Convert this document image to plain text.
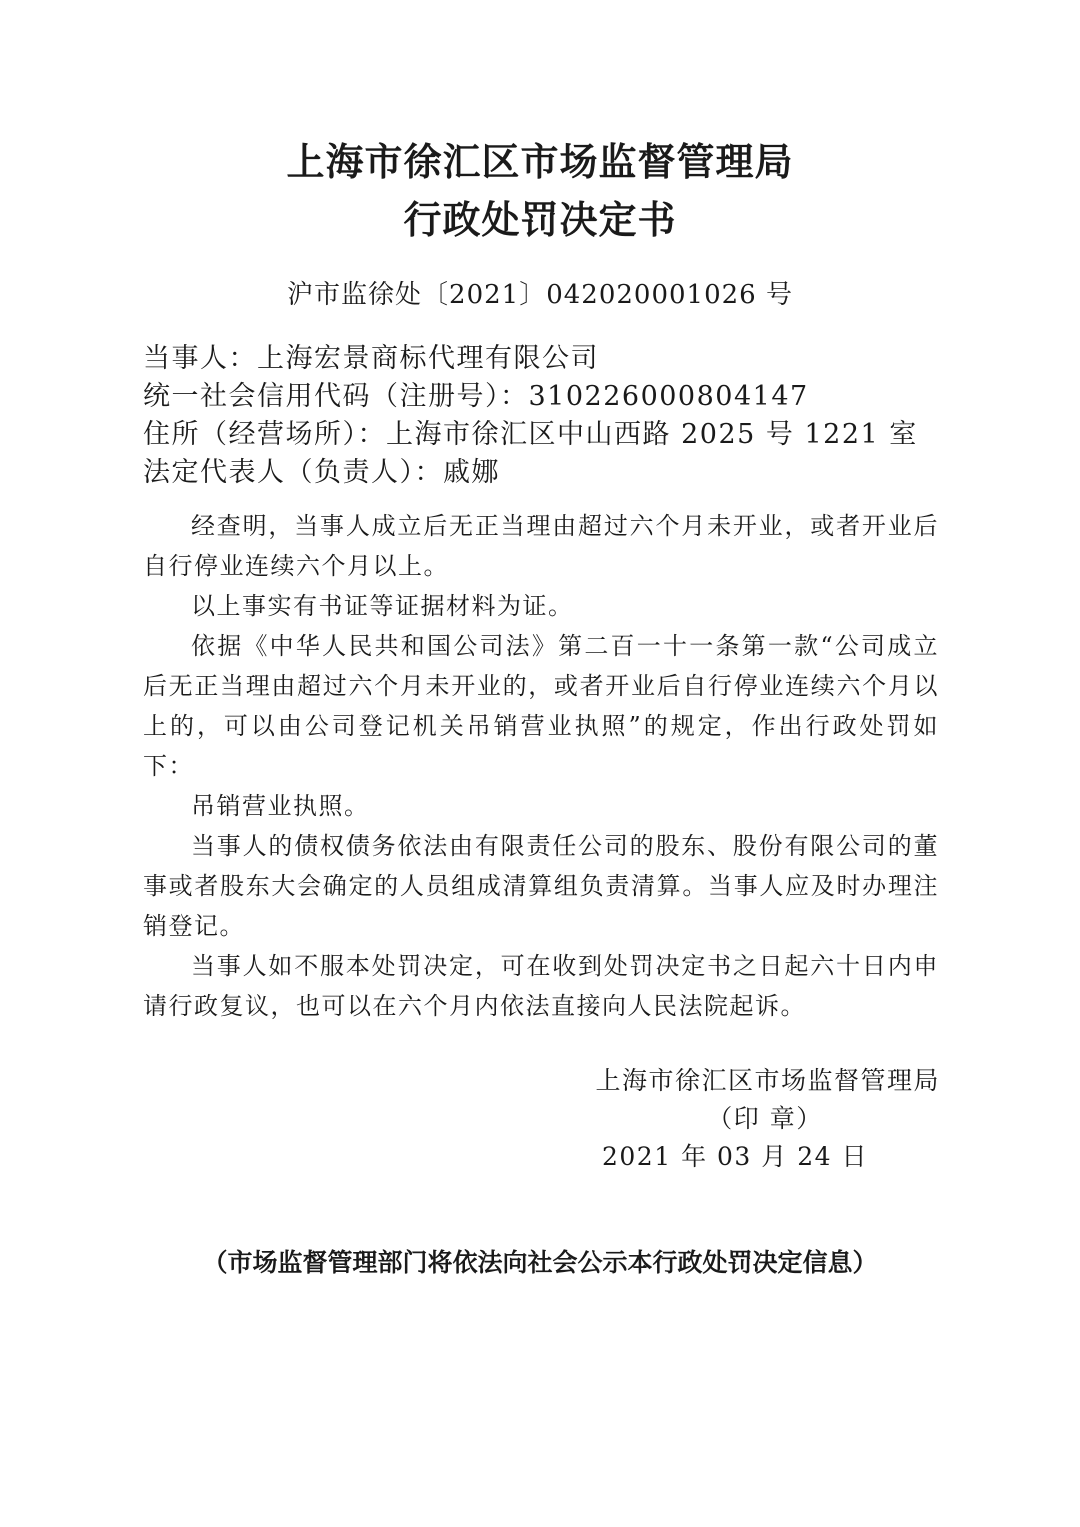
上海市徐汇区市场监督管理局
行政处罚决定书
沪市监徐处〔2021〕042020001026 号
当事人：上海宏景商标代理有限公司
统一社会信用代码（注册号）：310226000804147
住所（经营场所）：上海市徐汇区中山西路 2025 号 1221 室
法定代表人（负责人）：戚娜

经查明，当事人成立后无正当理由超过六个月未开业，或者开业后自行停业连续六个月以上。

以上事实有书证等证据材料为证。

依据《中华人民共和国公司法》第二百一十一条第一款“公司成立后无正当理由超过六个月未开业的，或者开业后自行停业连续六个月以上的，可以由公司登记机关吊销营业执照”的规定，作出行政处罚如下：

吊销营业执照。

当事人的债权债务依法由有限责任公司的股东、股份有限公司的董事或者股东大会确定的人员组成清算组负责清算。当事人应及时办理注销登记。

当事人如不服本处罚决定，可在收到处罚决定书之日起六十日内申请行政复议，也可以在六个月内依法直接向人民法院起诉。

上海市徐汇区市场监督管理局
（印 章）
2021 年 03 月 24 日
（市场监督管理部门将依法向社会公示本行政处罚决定信息）
